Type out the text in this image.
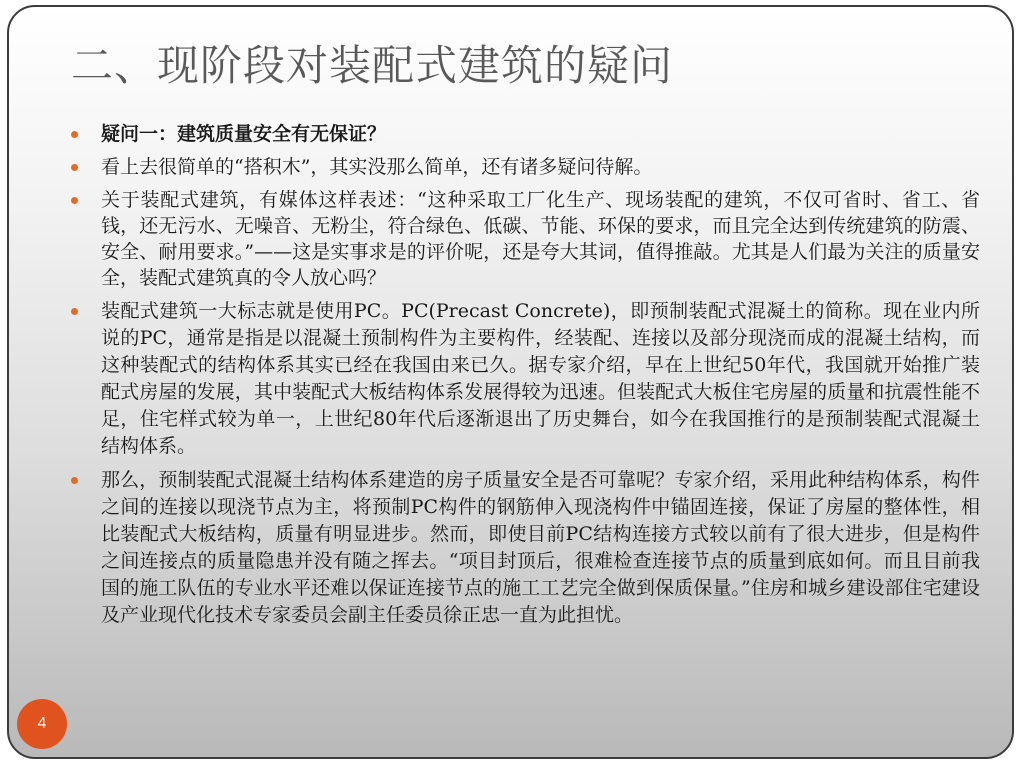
二、现阶段对装配式建筑的疑问
疑问一：建筑质量安全有无保证？
看上去很简单的“搭积木”，其实没那么简单，还有诸多疑问待解。
关于装配式建筑，有媒体这样表述：“这种采取工厂化生产、现场装配的建筑，不仅可省时、省工、省钱，还无污水、无噪音、无粉尘，符合绿色、低碳、节能、环保的要求，而且完全达到传统建筑的防震、安全、耐用要求。”——这是实事求是的评价呢，还是夸大其词，值得推敲。尤其是人们最为关注的质量安全，装配式建筑真的令人放心吗？
装配式建筑一大标志就是使用PC。PC(Precast Concrete)，即预制装配式混凝土的简称。现在业内所说的PC，通常是指是以混凝土预制构件为主要构件，经装配、连接以及部分现浇而成的混凝土结构，而这种装配式的结构体系其实已经在我国由来已久。据专家介绍，早在上世纪50年代，我国就开始推广装配式房屋的发展，其中装配式大板结构体系发展得较为迅速。但装配式大板住宅房屋的质量和抗震性能不足，住宅样式较为单一，上世纪80年代后逐渐退出了历史舞台，如今在我国推行的是预制装配式混凝土结构体系。
那么，预制装配式混凝土结构体系建造的房子质量安全是否可靠呢？专家介绍，采用此种结构体系，构件之间的连接以现浇节点为主，将预制PC构件的钢筋伸入现浇构件中锚固连接，保证了房屋的整体性，相比装配式大板结构，质量有明显进步。然而，即使目前PC结构连接方式较以前有了很大进步，但是构件之间连接点的质量隐患并没有随之挥去。“项目封顶后，很难检查连接节点的质量到底如何。而且目前我国的施工队伍的专业水平还难以保证连接节点的施工工艺完全做到保质保量。”住房和城乡建设部住宅建设及产业现代化技术专家委员会副主任委员徐正忠一直为此担忧。
4
